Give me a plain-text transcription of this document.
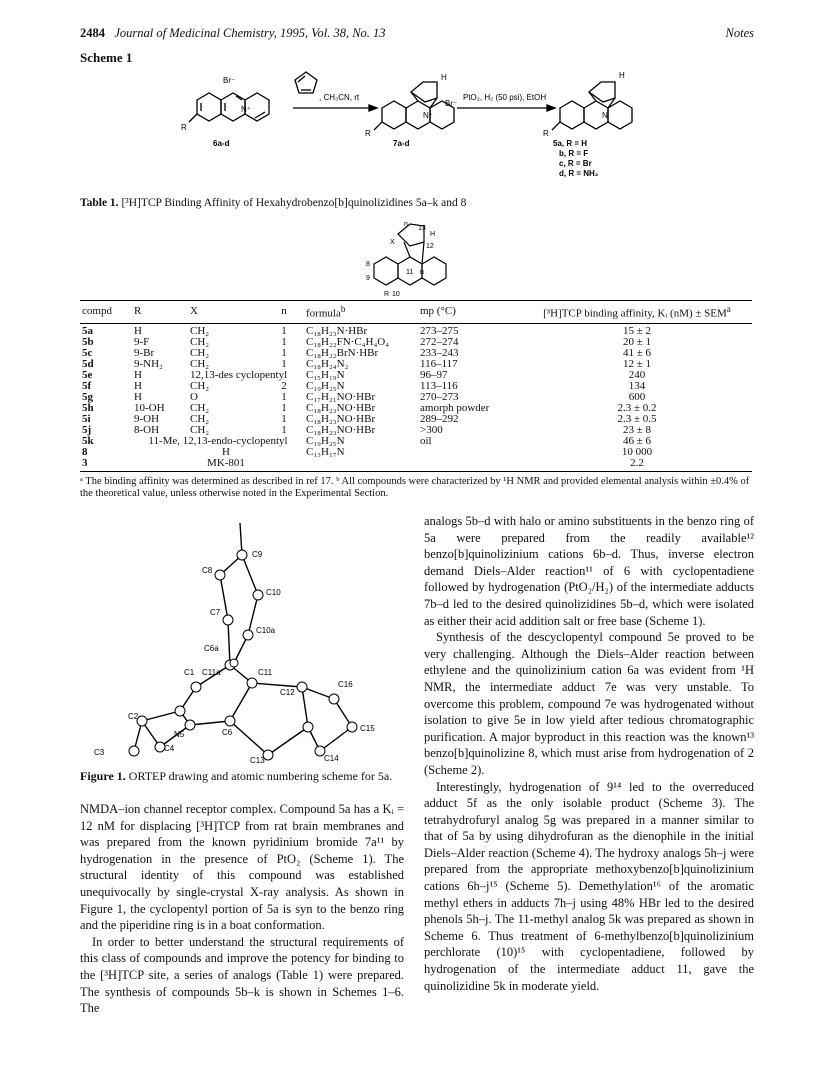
2484 Journal of Medicinal Chemistry, 1995, Vol. 38, No. 13	Notes
Scheme 1
Br⁻
N⁺
R
H
Br⁻
N⁺
R
H
N
R
, CH₃CN, rt	PtO₂, H₂ (50 psi), EtOH
6a-d	7a-d	5a, R = H
b, R = F
c, R = Br
d, R = NH₂
Table 1. [³H]TCP Binding Affinity of Hexahydrobenzo[b]quinolizidines 5a–k and 8
X
H
12
13
n
n
8
9
R 10
11
compd	R	X	n	formula$^b$	mp (°C)	[³H]TCP binding affinity, Kᵢ $(nM) \pm SEM^a$
5a	H	CH₂	1	C₁₈H₂₃N·HBr	273–275	15 ± 2
5b	9-F	CH₂	1	C₁₈H₂₂FN·C₄H₄O₄	272–274	20 ± 1
5c	9-Br	CH₂	1	C₁₈H₂₂BrN·HBr	233–243	41 ± 6
5d	9-NH₂	CH₂	1	C₁₈H₂₄N₂	116–117	12 ± 1
5e	H	12,13-des cyclopentyl		C₁₅H₁₉N	96–97	240
5f	H	CH₂	2	C₁₉H₂₅N	113–116	134
5g	H	O	1	C₁₇H₂₁NO·HBr	270–273	600
5h	10-OH	CH₂	1	C₁₈H₂₃NO·HBr	amorph powder	2.3 ± 0.2
5i	9-OH	CH₂	1	C₁₈H₂₃NO·HBr	289–292	2.3 ± 0.5
5j	8-OH	CH₂	1	C₁₈H₂₃NO·HBr	>300	23 ± 8
5k	11-Me, 12,13-endo-cyclopentyl			C₁₉H₂₅N	oil	46 ± 6
8		H		C₁₃H₁₇N		10 000
3		MK-801				2.2
ᵃ The binding affinity was determined as described in ref 17. ᵇ All compounds were characterized by ¹H NMR and provided elemental analysis within ±0.4% of the theoretical value, unless otherwise noted in the Experimental Section.
C9
C8
C10
C7
C10a
C6a
C1 C11a	C11
C16
C2
C12
C3	C4
N5	C6
C13	C14
C15
Figure 1. ORTEP drawing and atomic numbering scheme for 5a.

NMDA–ion channel receptor complex. Compound 5a has a Kᵢ = 12 nM for displacing [³H]TCP from rat brain membranes and was prepared from the known pyridinium bromide 7a¹¹ by hydrogenation in the presence of PtO₂ (Scheme 1). The structural identity of this compound was established unequivocally by single-crystal X-ray analysis. As shown in Figure 1, the cyclopentyl portion of 5a is syn to the benzo ring and the piperidine ring is in a boat conformation.

In order to better understand the structural requirements of this class of compounds and improve the potency for binding to the [³H]TCP site, a series of analogs (Table 1) were prepared. The synthesis of compounds 5b–k is shown in Schemes 1–6. The

analogs 5b–d with halo or amino substituents in the benzo ring of 5a were prepared from the readily available¹² benzo[b]quinolizinium cations 6b–d. Thus, inverse electron demand Diels–Alder reaction¹¹ of 6 with cyclopentadiene followed by hydrogenation (PtO₂/H₂) of the intermediate adducts 7b–d led to the desired quinolizidines 5b–d, which were isolated as either their acid addition salt or free base (Scheme 1).

Synthesis of the descyclopentyl compound 5e proved to be very challenging. Although the Diels–Alder reaction between ethylene and the quinolizinium cation 6a was evident from ¹H NMR, the intermediate adduct 7e was very unstable. To overcome this problem, compound 7e was hydrogenated without isolation to give 5e in low yield after tedious chromatographic purification. A major byproduct in this reaction was the known¹³ benzo[b]quinolizine 8, which must arise from hydrogenation of 2 (Scheme 2).

Interestingly, hydrogenation of 9¹⁴ led to the overreduced adduct 5f as the only isolable product (Scheme 3). The tetrahydrofuryl analog 5g was prepared in a manner similar to that of 5a by using dihydrofuran as the dienophile in the initial Diels–Alder reaction (Scheme 4). The hydroxy analogs 5h–j were prepared from the appropriate methoxybenzo[b]quinolizinium cations 6h–j¹⁵ (Scheme 5). Demethylation¹⁶ of the aromatic methyl ethers in adducts 7h–j using 48% HBr led to the desired phenols 5h–j. The 11-methyl analog 5k was prepared as shown in Scheme 6. Thus treatment of 6-methylbenzo[b]quinolizinium perchlorate (10)¹⁵ with cyclopentadiene, followed by hydrogenation of the intermediate adduct 11, gave the quinolizidine 5k in moderate yield.
